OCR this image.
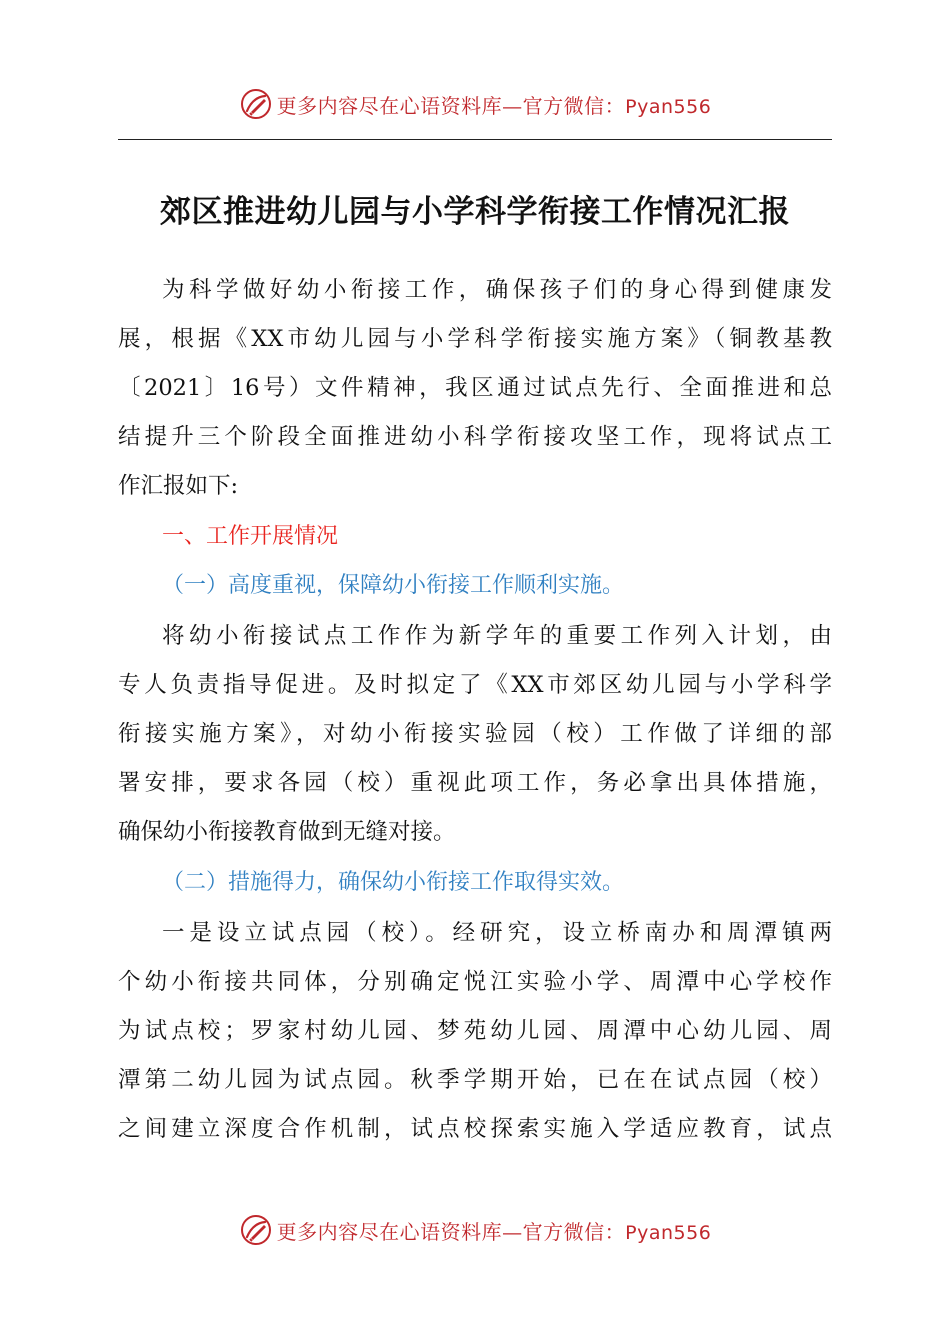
更多内容尽在心语资料库—官方微信：Pyan556
郊区推进幼儿园与小学科学衔接工作情况汇报
为科学做好幼小衔接工作，确保孩子们的身心得到健康发
展，根据《XX市幼儿园与小学科学衔接实施方案》（铜教基教
〔2021〕16号）文件精神，我区通过试点先行、全面推进和总
结提升三个阶段全面推进幼小科学衔接攻坚工作，现将试点工
作汇报如下:
一、工作开展情况
（一）高度重视，保障幼小衔接工作顺利实施。
将幼小衔接试点工作作为新学年的重要工作列入计划，由
专人负责指导促进。及时拟定了《XX市郊区幼儿园与小学科学
衔接实施方案》，对幼小衔接实验园（校）工作做了详细的部
署安排，要求各园（校）重视此项工作，务必拿出具体措施，
确保幼小衔接教育做到无缝对接。
（二）措施得力，确保幼小衔接工作取得实效。
一是设立试点园（校）。经研究，设立桥南办和周潭镇两
个幼小衔接共同体，分别确定悦江实验小学、周潭中心学校作
为试点校；罗家村幼儿园、梦苑幼儿园、周潭中心幼儿园、周
潭第二幼儿园为试点园。秋季学期开始，已在在试点园（校）
之间建立深度合作机制，试点校探索实施入学适应教育，试点
更多内容尽在心语资料库—官方微信：Pyan556
